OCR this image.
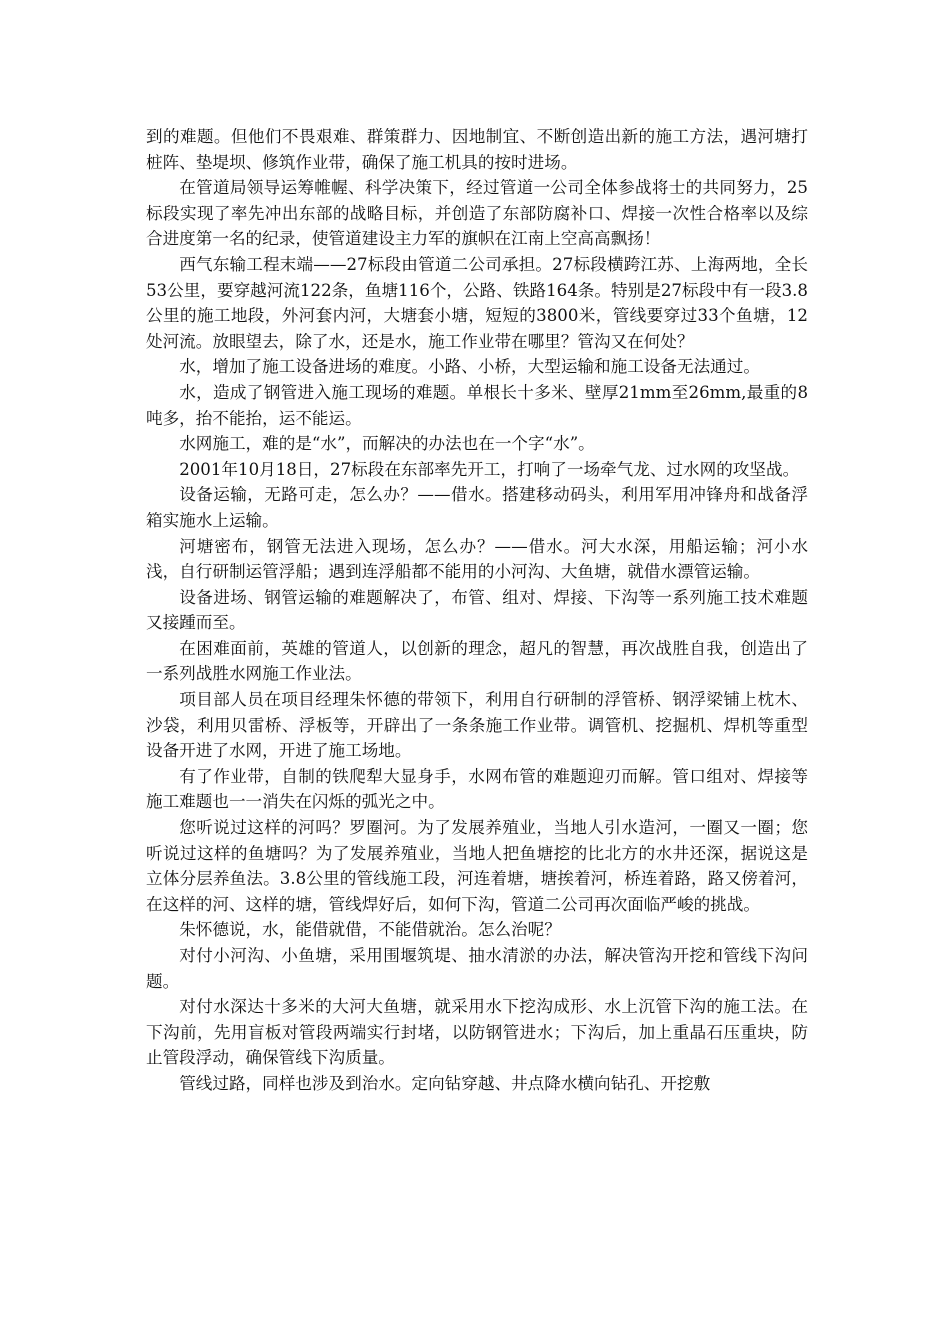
到的难题。但他们不畏艰难、群策群力、因地制宜、不断创造出新的施工方法，遇河塘打桩阵、垫堤坝、修筑作业带，确保了施工机具的按时进场。

在管道局领导运筹帷幄、科学决策下，经过管道一公司全体参战将士的共同努力，25标段实现了率先冲出东部的战略目标，并创造了东部防腐补口、焊接一次性合格率以及综合进度第一名的纪录，使管道建设主力军的旗帜在江南上空高高飘扬！

西气东输工程末端——27标段由管道二公司承担。27标段横跨江苏、上海两地，全长53公里，要穿越河流122条，鱼塘116个，公路、铁路164条。特别是27标段中有一段3.8公里的施工地段，外河套内河，大塘套小塘，短短的3800米，管线要穿过33个鱼塘，12处河流。放眼望去，除了水，还是水，施工作业带在哪里？管沟又在何处？

水，增加了施工设备进场的难度。小路、小桥，大型运输和施工设备无法通过。

水，造成了钢管进入施工现场的难题。单根长十多米、壁厚21mm至26mm,最重的8吨多，抬不能抬，运不能运。

水网施工，难的是“水”，而解决的办法也在一个字“水”。

2001年10月18日，27标段在东部率先开工，打响了一场牵气龙、过水网的攻坚战。

设备运输，无路可走，怎么办？——借水。搭建移动码头，利用军用冲锋舟和战备浮箱实施水上运输。

河塘密布，钢管无法进入现场，怎么办？——借水。河大水深，用船运输；河小水浅，自行研制运管浮船；遇到连浮船都不能用的小河沟、大鱼塘，就借水漂管运输。

设备进场、钢管运输的难题解决了，布管、组对、焊接、下沟等一系列施工技术难题又接踵而至。

在困难面前，英雄的管道人，以创新的理念，超凡的智慧，再次战胜自我，创造出了一系列战胜水网施工作业法。

项目部人员在项目经理朱怀德的带领下，利用自行研制的浮管桥、钢浮梁铺上枕木、沙袋，利用贝雷桥、浮板等，开辟出了一条条施工作业带。调管机、挖掘机、焊机等重型设备开进了水网，开进了施工场地。

有了作业带，自制的铁爬犁大显身手，水网布管的难题迎刃而解。管口组对、焊接等施工难题也一一消失在闪烁的弧光之中。

您听说过这样的河吗？罗圈河。为了发展养殖业，当地人引水造河，一圈又一圈；您听说过这样的鱼塘吗？为了发展养殖业，当地人把鱼塘挖的比北方的水井还深，据说这是立体分层养鱼法。3.8公里的管线施工段，河连着塘，塘挨着河，桥连着路，路又傍着河，在这样的河、这样的塘，管线焊好后，如何下沟，管道二公司再次面临严峻的挑战。

朱怀德说，水，能借就借，不能借就治。怎么治呢？

对付小河沟、小鱼塘，采用围堰筑堤、抽水清淤的办法，解决管沟开挖和管线下沟问题。

对付水深达十多米的大河大鱼塘，就采用水下挖沟成形、水上沉管下沟的施工法。在下沟前，先用盲板对管段两端实行封堵，以防钢管进水；下沟后，加上重晶石压重块，防止管段浮动，确保管线下沟质量。

管线过路，同样也涉及到治水。定向钻穿越、井点降水横向钻孔、开挖敷
